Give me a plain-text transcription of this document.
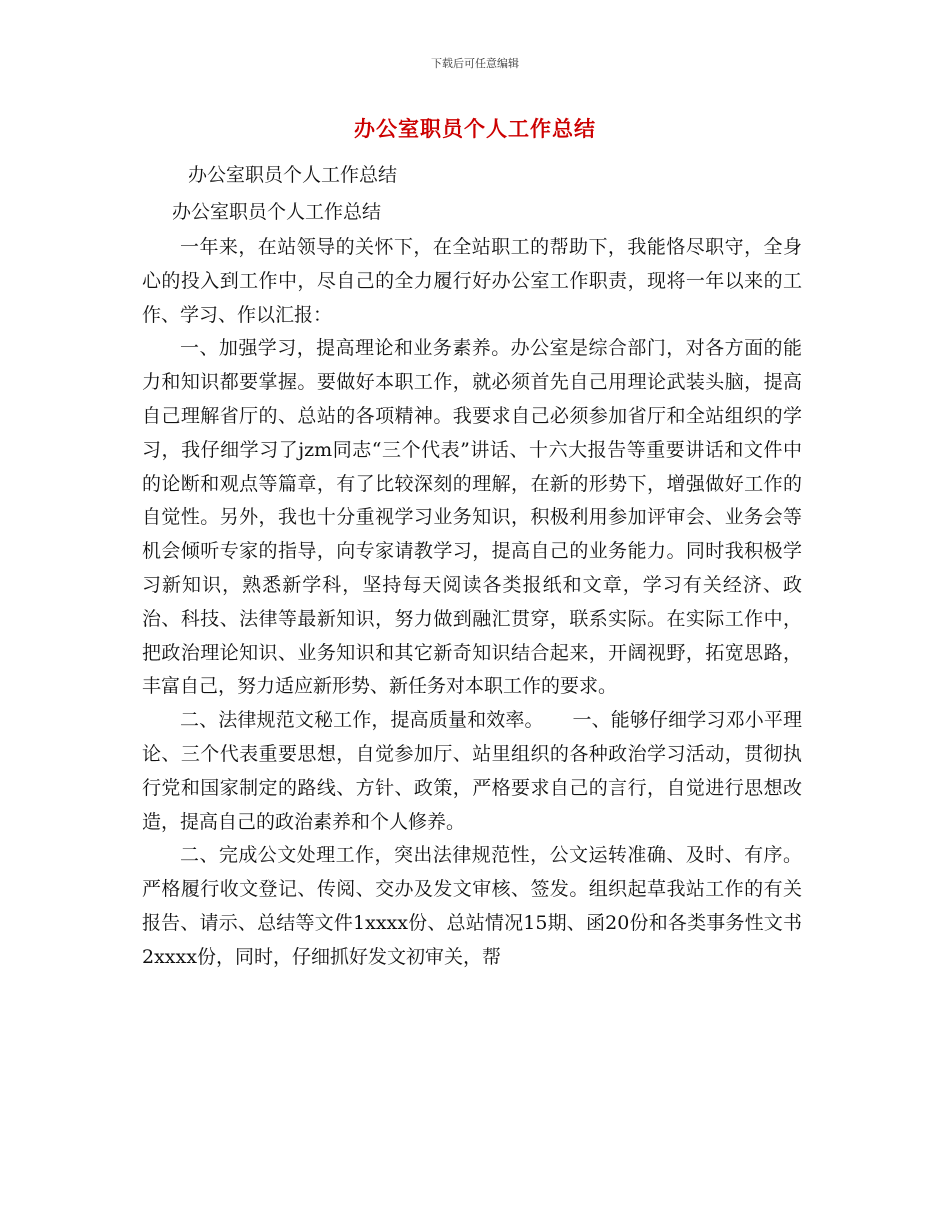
下载后可任意编辑
办公室职员个人工作总结
办公室职员个人工作总结
办公室职员个人工作总结

一年来，在站领导的关怀下，在全站职工的帮助下，我能恪尽职守，全身心的投入到工作中，尽自己的全力履行好办公室工作职责，现将一年以来的工作、学习、作以汇报：

一、加强学习，提高理论和业务素养。办公室是综合部门，对各方面的能力和知识都要掌握。要做好本职工作，就必须首先自己用理论武装头脑，提高自己理解省厅的、总站的各项精神。我要求自己必须参加省厅和全站组织的学习，我仔细学习了jzm同志“三个代表”讲话、十六大报告等重要讲话和文件中的论断和观点等篇章，有了比较深刻的理解，在新的形势下，增强做好工作的自觉性。另外，我也十分重视学习业务知识，积极利用参加评审会、业务会等机会倾听专家的指导，向专家请教学习，提高自己的业务能力。同时我积极学习新知识，熟悉新学科，坚持每天阅读各类报纸和文章，学习有关经济、政治、科技、法律等最新知识，努力做到融汇贯穿，联系实际。在实际工作中，把政治理论知识、业务知识和其它新奇知识结合起来，开阔视野，拓宽思路，丰富自己，努力适应新形势、新任务对本职工作的要求。

二、法律规范文秘工作，提高质量和效率。　　一、能够仔细学习邓小平理论、三个代表重要思想，自觉参加厅、站里组织的各种政治学习活动，贯彻执行党和国家制定的路线、方针、政策，严格要求自己的言行，自觉进行思想改造，提高自己的政治素养和个人修养。

二、完成公文处理工作，突出法律规范性，公文运转准确、及时、有序。严格履行收文登记、传阅、交办及发文审核、签发。组织起草我站工作的有关报告、请示、总结等文件1xxxx份、总站情况15期、函20份和各类事务性文书2xxxx份，同时，仔细抓好发文初审关，帮
